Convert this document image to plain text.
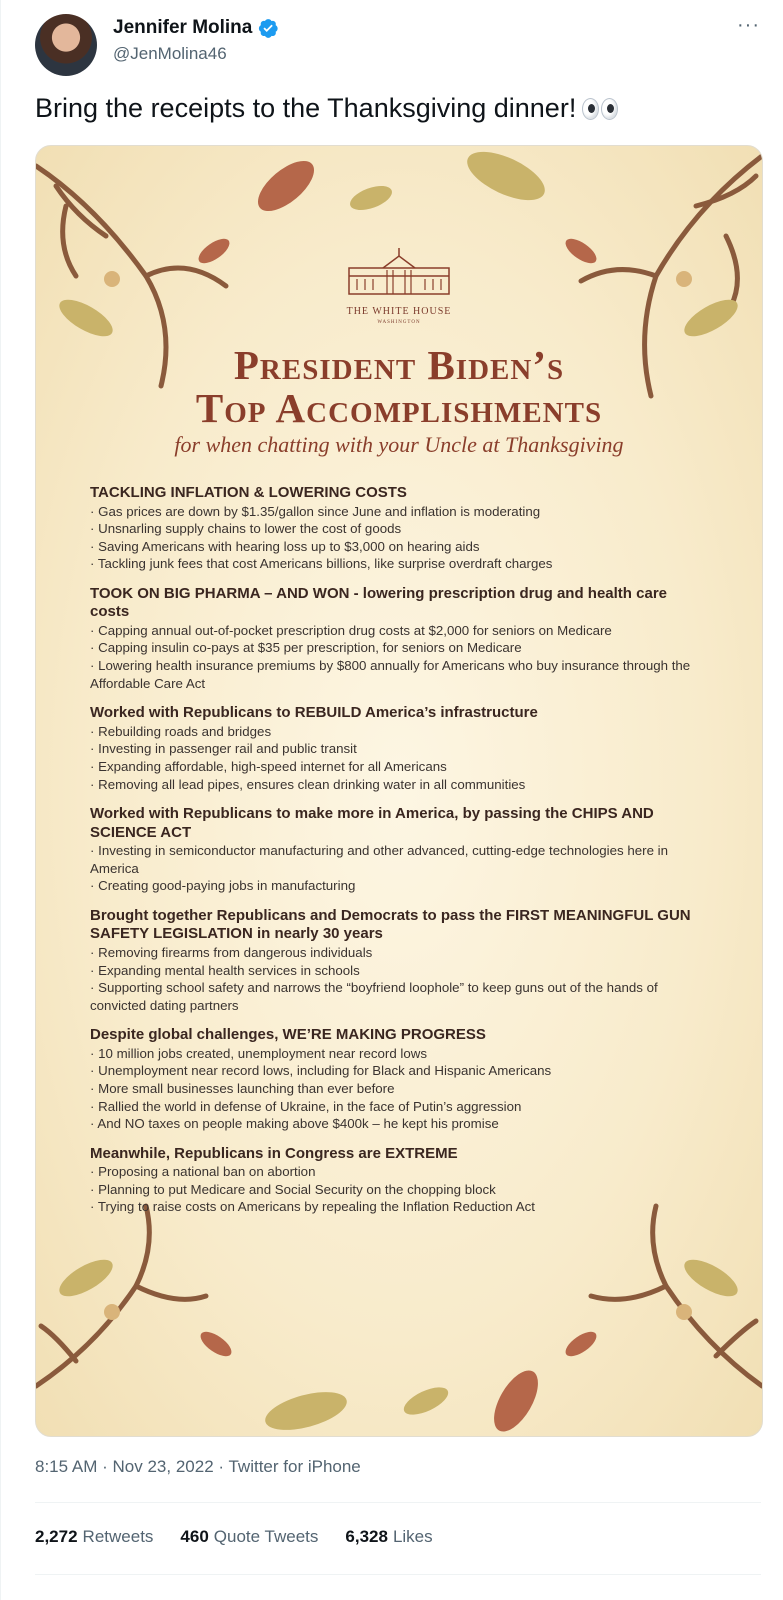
Jennifer Molina
@JenMolina46
···
Bring the receipts to the Thanksgiving dinner!
THE WHITE HOUSE
WASHINGTON
President Biden’s
Top Accomplishments
for when chatting with your Uncle at Thanksgiving
TACKLING INFLATION & LOWERING COSTS
· Gas prices are down by $1.35/gallon since June and inflation is moderating
· Unsnarling supply chains to lower the cost of goods
· Saving Americans with hearing loss up to $3,000 on hearing aids
· Tackling junk fees that cost Americans billions, like surprise overdraft charges
TOOK ON BIG PHARMA – AND WON - lowering prescription drug and health care costs
· Capping annual out-of-pocket prescription drug costs at $2,000 for seniors on Medicare
· Capping insulin co-pays at $35 per prescription, for seniors on Medicare
· Lowering health insurance premiums by $800 annually for Americans who buy insurance through the Affordable Care Act
Worked with Republicans to REBUILD America’s infrastructure
· Rebuilding roads and bridges
· Investing in passenger rail and public transit
· Expanding affordable, high-speed internet for all Americans
· Removing all lead pipes, ensures clean drinking water in all communities
Worked with Republicans to make more in America, by passing the CHIPS AND SCIENCE ACT
· Investing in semiconductor manufacturing and other advanced, cutting-edge technologies here in America
· Creating good-paying jobs in manufacturing
Brought together Republicans and Democrats to pass the FIRST MEANINGFUL GUN SAFETY LEGISLATION in nearly 30 years
· Removing firearms from dangerous individuals
· Expanding mental health services in schools
· Supporting school safety and narrows the “boyfriend loophole” to keep guns out of the hands of convicted dating partners
Despite global challenges, WE’RE MAKING PROGRESS
· 10 million jobs created, unemployment near record lows
· Unemployment near record lows, including for Black and Hispanic Americans
· More small businesses launching than ever before
· Rallied the world in defense of Ukraine, in the face of Putin’s aggression
· And NO taxes on people making above $400k – he kept his promise
Meanwhile, Republicans in Congress are EXTREME
· Proposing a national ban on abortion
· Planning to put Medicare and Social Security on the chopping block
· Trying to raise costs on Americans by repealing the Inflation Reduction Act
8:15 AM · Nov 23, 2022 · Twitter for iPhone
2,272 Retweets 460 Quote Tweets 6,328 Likes
